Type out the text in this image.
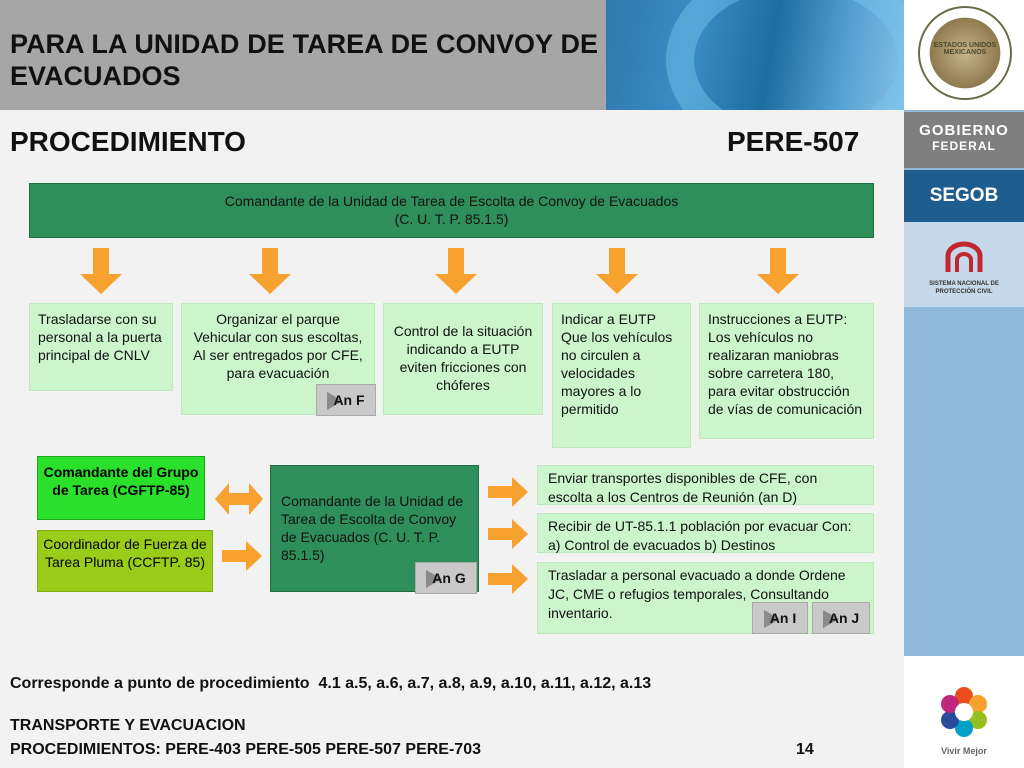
PARA LA UNIDAD DE TAREA DE CONVOY DE EVACUADOS
ESTADOS UNIDOS MEXICANOS
GOBIERNO
FEDERAL
SEGOB
SISTEMA NACIONAL DE PROTECCIÓN CIVIL
Vivir Mejor
PROCEDIMIENTO	PERE-507
Comandante de la Unidad de Tarea de Escolta de Convoy de Evacuados
(C. U. T. P. 85.1.5)
Trasladarse con su personal a la puerta principal de CNLV
Organizar el parque Vehicular con sus escoltas, Al ser entregados por CFE, para evacuación
Control de la situación indicando a EUTP eviten fricciones con chóferes
Indicar a EUTP Que los vehículos no circulen a velocidades mayores a lo permitido
Instrucciones a EUTP: Los vehículos no realizaran maniobras sobre carretera 180, para evitar obstrucción de vías de comunicación
An F
Comandante del Grupo de Tarea (CGFTP-85)
Coordinador de Fuerza de Tarea Pluma (CCFTP. 85)
Comandante de la Unidad de Tarea de Escolta de Convoy de Evacuados (C. U. T. P. 85.1.5)
An G
Enviar transportes disponibles de CFE, con escolta a los Centros de Reunión (an D)
Recibir de UT-85.1.1 población por evacuar Con: a) Control de evacuados b) Destinos
Trasladar a personal evacuado a donde Ordene JC, CME o refugios temporales, Consultando inventario.	An I	An J
Corresponde a punto de procedimiento  4.1 a.5, a.6, a.7, a.8, a.9, a.10, a.11, a.12, a.13
TRANSPORTE Y EVACUACION
PROCEDIMIENTOS: PERE-403 PERE-505 PERE-507 PERE-703	14
